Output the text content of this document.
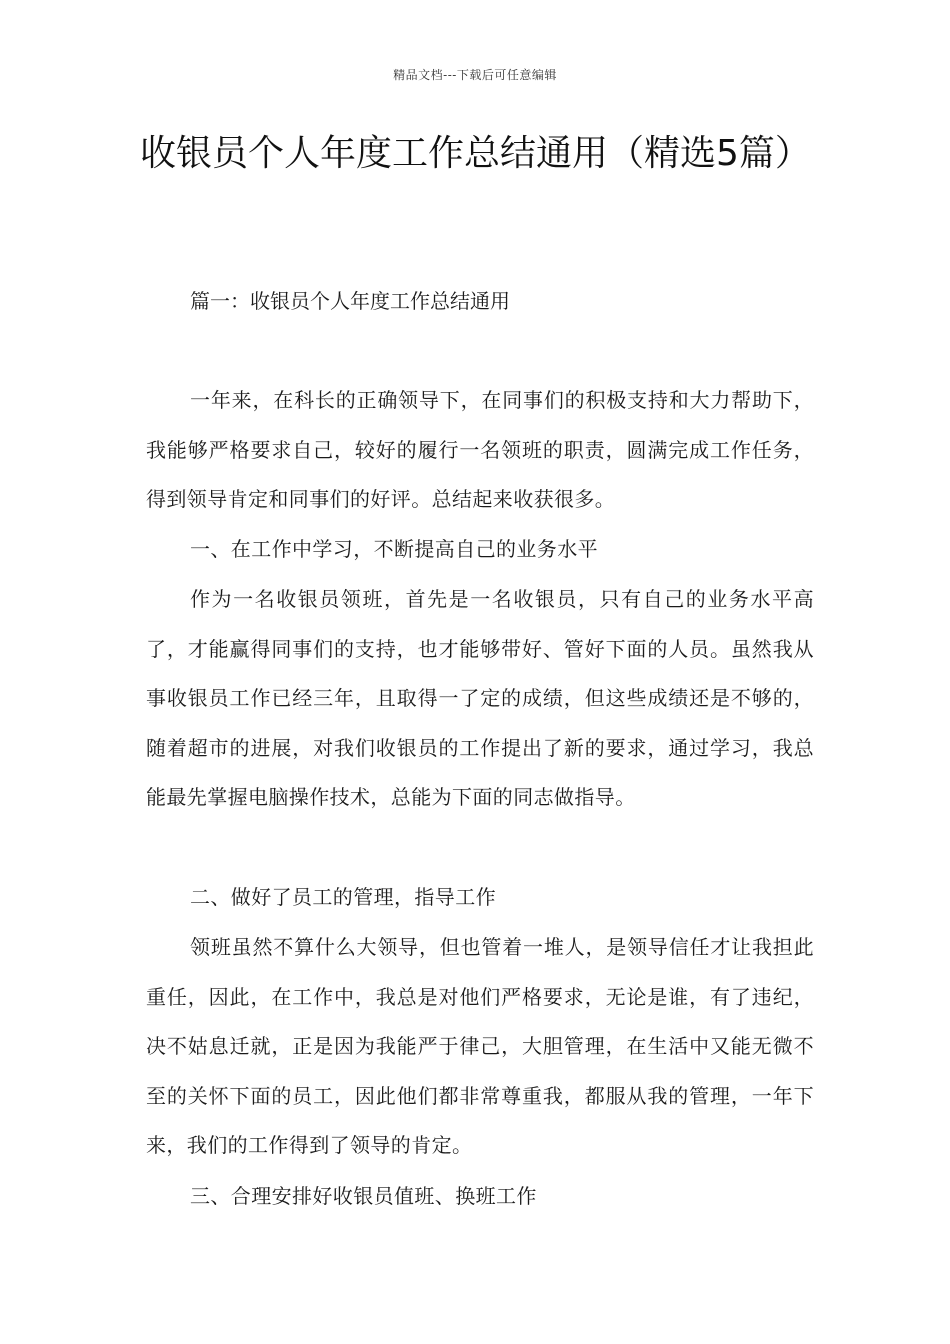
精品文档---下载后可任意编辑
收银员个人年度工作总结通用（精选5篇）
篇一：收银员个人年度工作总结通用

一年来，在科长的正确领导下，在同事们的积极支持和大力帮助下，我能够严格要求自己，较好的履行一名领班的职责，圆满完成工作任务，得到领导肯定和同事们的好评。总结起来收获很多。

一、在工作中学习，不断提高自己的业务水平

作为一名收银员领班，首先是一名收银员，只有自己的业务水平高了，才能赢得同事们的支持，也才能够带好、管好下面的人员。虽然我从事收银员工作已经三年，且取得一了定的成绩，但这些成绩还是不够的，随着超市的进展，对我们收银员的工作提出了新的要求，通过学习，我总能最先掌握电脑操作技术，总能为下面的同志做指导。

二、做好了员工的管理，指导工作

领班虽然不算什么大领导，但也管着一堆人，是领导信任才让我担此重任，因此，在工作中，我总是对他们严格要求，无论是谁，有了违纪，决不姑息迁就，正是因为我能严于律己，大胆管理，在生活中又能无微不至的关怀下面的员工，因此他们都非常尊重我，都服从我的管理，一年下来，我们的工作得到了领导的肯定。

三、合理安排好收银员值班、换班工作
